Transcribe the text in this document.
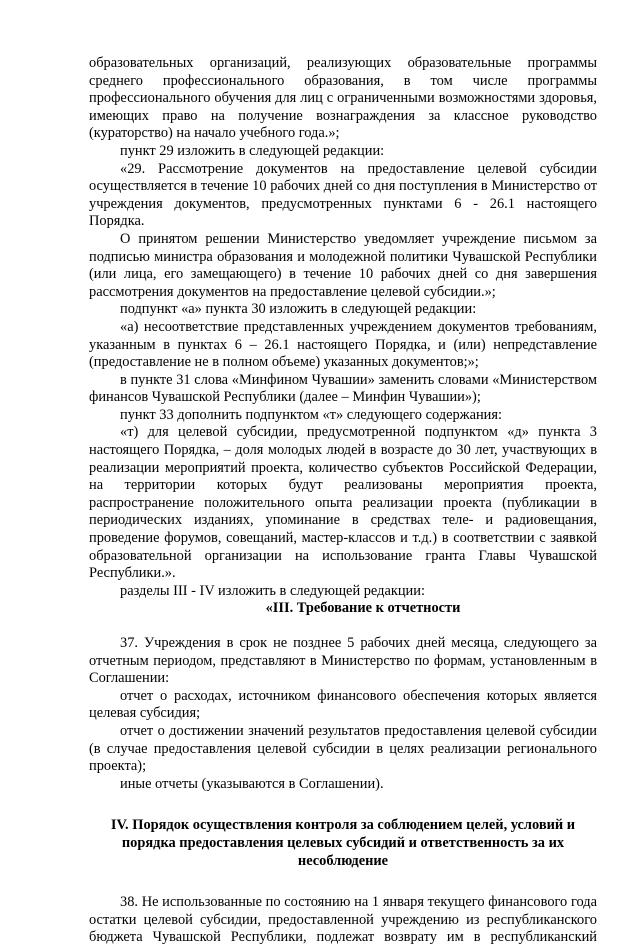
образовательных организаций, реализующих образовательные программы среднего профессионального образования, в том числе программы профессионального обучения для лиц с ограниченными возможностями здоровья, имеющих право на получение вознаграждения за классное руководство (кураторство) на начало учебного года.»;

пункт 29 изложить в следующей редакции:

«29. Рассмотрение документов на предоставление целевой субсидии осуществляется в течение 10 рабочих дней со дня поступления в Министерство от учреждения документов, предусмотренных пунктами 6 - 26.1 настоящего Порядка.

О принятом решении Министерство уведомляет учреждение письмом за подписью министра образования и молодежной политики Чувашской Республики (или лица, его замещающего) в течение 10 рабочих дней со дня завершения рассмотрения документов на предоставление целевой субсидии.»;

подпункт «а» пункта 30 изложить в следующей редакции:

«а) несоответствие представленных учреждением документов требованиям, указанным в пунктах 6 – 26.1 настоящего Порядка, и (или) непредставление (предоставление не в полном объеме) указанных документов;»;

в пункте 31 слова «Минфином Чувашии» заменить словами «Министерством финансов Чувашской Республики (далее – Минфин Чувашии»);

пункт 33 дополнить подпунктом «т» следующего содержания:

«т) для целевой субсидии, предусмотренной подпунктом «д» пункта 3 настоящего Порядка, – доля молодых людей в возрасте до 30 лет, участвующих в реализации мероприятий проекта, количество субъектов Российской Федерации, на территории которых будут реализованы мероприятия проекта, распространение положительного опыта реализации проекта (публикации в периодических изданиях, упоминание в средствах теле- и радиовещания, проведение форумов, совещаний, мастер-классов и т.д.) в соответствии с заявкой образовательной организации на использование гранта Главы Чувашской Республики.».

разделы III - IV изложить в следующей редакции:

«III. Требование к отчетности

37. Учреждения в срок не позднее 5 рабочих дней месяца, следующего за отчетным периодом, представляют в Министерство по формам, установленным в Соглашении:

отчет о расходах, источником финансового обеспечения которых является целевая субсидия;

отчет о достижении значений результатов предоставления целевой субсидии (в случае предоставления целевой субсидии в целях реализации регионального проекта);

иные отчеты (указываются в Соглашении).

IV. Порядок осуществления контроля за соблюдением целей, условий и порядка предоставления целевых субсидий и ответственность за их несоблюдение

38. Не использованные по состоянию на 1 января текущего финансового года остатки целевой субсидии, предоставленной учреждению из республиканского бюджета Чувашской Республики, подлежат возврату им в республиканский
